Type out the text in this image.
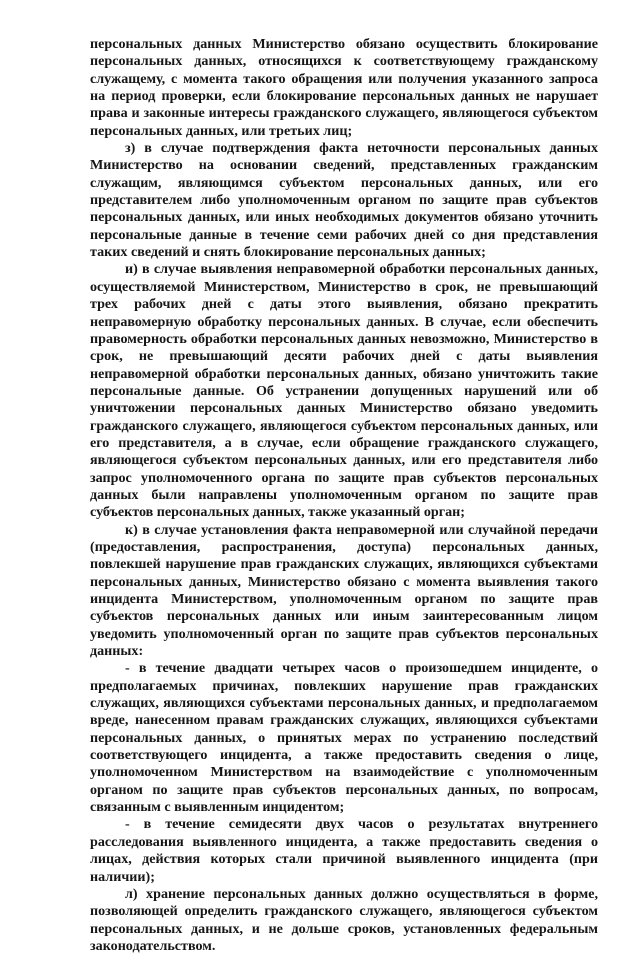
персональных данных Министерство обязано осуществить блокирование персональных данных, относящихся к соответствующему гражданскому служащему, с момента такого обращения или получения указанного запроса на период проверки, если блокирование персональных данных не нарушает права и законные интересы гражданского служащего, являющегося субъектом персональных данных, или третьих лиц;

з) в случае подтверждения факта неточности персональных данных Министерство на основании сведений, представленных гражданским служащим, являющимся субъектом персональных данных, или его представителем либо уполномоченным органом по защите прав субъектов персональных данных, или иных необходимых документов обязано уточнить персональные данные в течение семи рабочих дней со дня представления таких сведений и снять блокирование персональных данных;

и) в случае выявления неправомерной обработки персональных данных, осуществляемой Министерством, Министерство в срок, не превышающий трех рабочих дней с даты этого выявления, обязано прекратить неправомерную обработку персональных данных. В случае, если обеспечить правомерность обработки персональных данных невозможно, Министерство в срок, не превышающий десяти рабочих дней с даты выявления неправомерной обработки персональных данных, обязано уничтожить такие персональные данные. Об устранении допущенных нарушений или об уничтожении персональных данных Министерство обязано уведомить гражданского служащего, являющегося субъектом персональных данных, или его представителя, а в случае, если обращение гражданского служащего, являющегося субъектом персональных данных, или его представителя либо запрос уполномоченного органа по защите прав субъектов персональных данных были направлены уполномоченным органом по защите прав субъектов персональных данных, также указанный орган;

к) в случае установления факта неправомерной или случайной передачи (предоставления, распространения, доступа) персональных данных, повлекшей нарушение прав гражданских служащих, являющихся субъектами персональных данных, Министерство обязано с момента выявления такого инцидента Министерством, уполномоченным органом по защите прав субъектов персональных данных или иным заинтересованным лицом уведомить уполномоченный орган по защите прав субъектов персональных данных:

- в течение двадцати четырех часов о произошедшем инциденте, о предполагаемых причинах, повлекших нарушение прав гражданских служащих, являющихся субъектами персональных данных, и предполагаемом вреде, нанесенном правам гражданских служащих, являющихся субъектами персональных данных, о принятых мерах по устранению последствий соответствующего инцидента, а также предоставить сведения о лице, уполномоченном Министерством на взаимодействие с уполномоченным органом по защите прав субъектов персональных данных, по вопросам, связанным с выявленным инцидентом;

- в течение семидесяти двух часов о результатах внутреннего расследования выявленного инцидента, а также предоставить сведения о лицах, действия которых стали причиной выявленного инцидента (при наличии);

л) хранение персональных данных должно осуществляться в форме, позволяющей определить гражданского служащего, являющегося субъектом персональных данных, и не дольше сроков, установленных федеральным законодательством.
